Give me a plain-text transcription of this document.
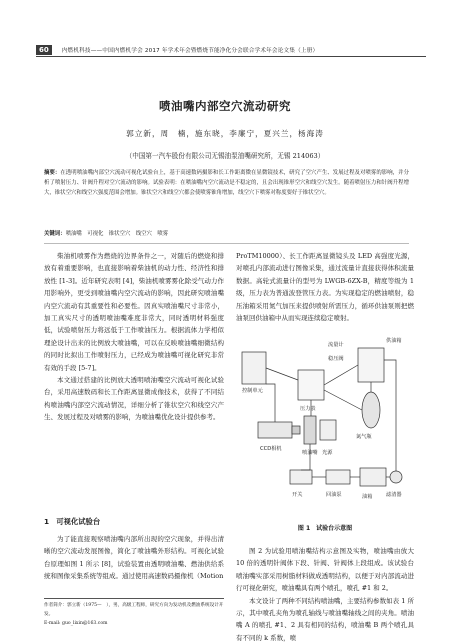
60	内燃机科技——中国内燃机学会 2017 年学术年会暨燃烧节能净化分会联合学术年会论文集（上册）
喷油嘴内部空穴流动研究
郭立新，周　楠，施东晓，李廉宁，夏兴兰，杨海涛
（中国第一汽车股份有限公司无锡油泵油嘴研究所，无锡 214063）
摘要：在透明喷油嘴内部空穴流动可视化试验台上，基于高速数码摄影和长工作距离微在显微镜技术，研究了空穴产生、发展过程及对喷雾的影响，并分析了喷射压力、针阀升程对空穴流动的影响。试验表明：在喷油嘴内空穴流动是不稳定的，且会出现锥形空穴和线空穴发生。随着喷射压力和针阀升程增大，锥状空穴和线空穴强度范围会增加。锥状空穴和线空穴都会使喷雾锥角增加，线空穴下喷雾对称度要好于锥状空穴。
关键词：喷油嘴　 可视化　 锥状空穴　 线空穴　 喷雾
柴油机喷雾作为燃烧的边界条件之一，对随后的燃烧和排放有着重要影响，也直接影响着柴油机的动力性、经济性和排放性 [1-3]。近年研究表明 [4]，柴油机喷雾雾化除受气动力作用影响外，更受到喷油嘴内空穴流动的影响，因此研究喷油嘴内空穴流动有其重要性和必要性。因真实喷油嘴尺寸非常小，加工真实尺寸的透明喷油嘴难度非常大，同时透明材料强度低，试验喷射压力将远低于工作喷油压力。根据流体力学相似理论设计出来的比例放大喷油嘴，可以在反映喷油嘴细微结构的同时比拟出工作喷射压力，已经成为喷油嘴可视化研究非常有效的手段 [5-7]。
本文通过搭建的比例放大透明喷油嘴空穴流动可视化试验台，采用高速数码和长工作距离显微成像技术，获得了不同结构喷油嘴内部空穴流动情况，详细分析了锥状空穴和线空穴产生、发展过程及对喷雾的影响，为喷油嘴优化设计提供参考。
1　可视化试验台
为了能直接观察喷油嘴内部所出现的空穴现象，并得出清晰的空穴流动发展图像，简化了喷油嘴外形结构。可视化试验台原理如图 1 所示 [8]，试验装置由透明喷油嘴、燃油供给系统和图像采集系统等组成。通过使用高速数码摄像机（Motion
作者简介：郭立新（1975—　），男，高级工程师，研究方向为发动机及燃油系统设计开发。
E-mail: guo_lixin@163.com
ProTM10000）、长工作距离显微镜头及 LED 高强度光源，对喷孔内部流动进行图像采集，通过流量计直接获得体积流量数据。高轮式流量计的型号为 LWGB-6ZX-B，精度等级为 1 级，压力表为普通波登管压力表。为实现稳定的燃油喷射，稳压油箱采用氮气加压来提供喷射所需压力，循环供油泵则把燃油泵回供油箱中从而实现连续稳定喷射。
流量计
稳压阀
压力表
控制单元
供油箱
氮气瓶
CCD相机
喷油嘴 光源
开关	回油泵	油箱	滤清器
图 1　试验台示意图
图 2 为试验用喷油嘴结构示意图及实物，喷油嘴由放大 10 倍的透明针阀体下段、针阀、针阀体上段组成。该试验台喷油嘴实部采用树脂材料做成透明结构，以便于对内部流动进行可视化研究，喷油嘴具有两个喷孔，喷孔 #1 和 2。
本文设计了两种不同结构喷油嘴，主要结构参数如表 1 所示，其中喷孔夹角为喷孔轴线与喷油嘴轴线之间的夹角。喷油嘴 A 的喷孔 #1、2 具有相同的结构，喷油嘴 B 两个喷孔具有不同的 k 系数，喷
